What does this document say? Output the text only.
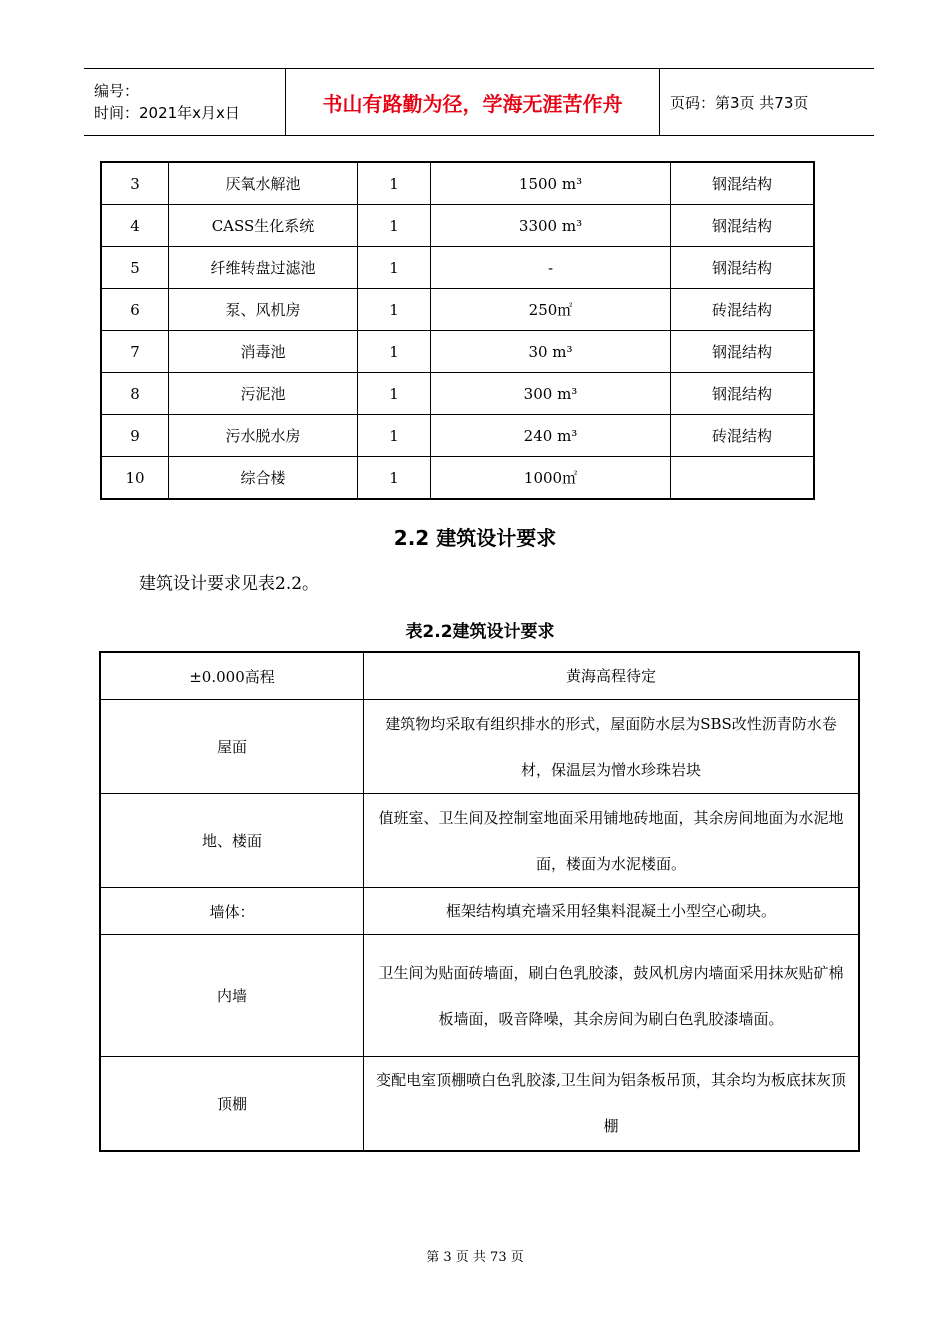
编号：
时间：2021年x月x日	书山有路勤为径，学海无涯苦作舟	页码：第3页 共73页
3	厌氧水解池	1	1500 m³	钢混结构
4	CASS生化系统	1	3300 m³	钢混结构
5	纤维转盘过滤池	1	-	钢混结构
6	泵、风机房	1	250㎡	砖混结构
7	消毒池	1	30 m³	钢混结构
8	污泥池	1	300 m³	钢混结构
9	污水脱水房	1	240 m³	砖混结构
10	综合楼	1	1000㎡	
2.2 建筑设计要求
建筑设计要求见表2.2。
表2.2建筑设计要求
±0.000高程	黄海高程待定
屋面	建筑物均采取有组织排水的形式，屋面防水层为SBS改性沥青防水卷材，保温层为憎水珍珠岩块
地、楼面	值班室、卫生间及控制室地面采用铺地砖地面，其余房间地面为水泥地面，楼面为水泥楼面。
墙体：	框架结构填充墙采用轻集料混凝土小型空心砌块。
内墙	卫生间为贴面砖墙面，刷白色乳胶漆，鼓风机房内墙面采用抹灰贴矿棉板墙面，吸音降噪，其余房间为刷白色乳胶漆墙面。
顶棚	变配电室顶棚喷白色乳胶漆,卫生间为铝条板吊顶，其余均为板底抹灰顶棚
第 3 页 共 73 页
